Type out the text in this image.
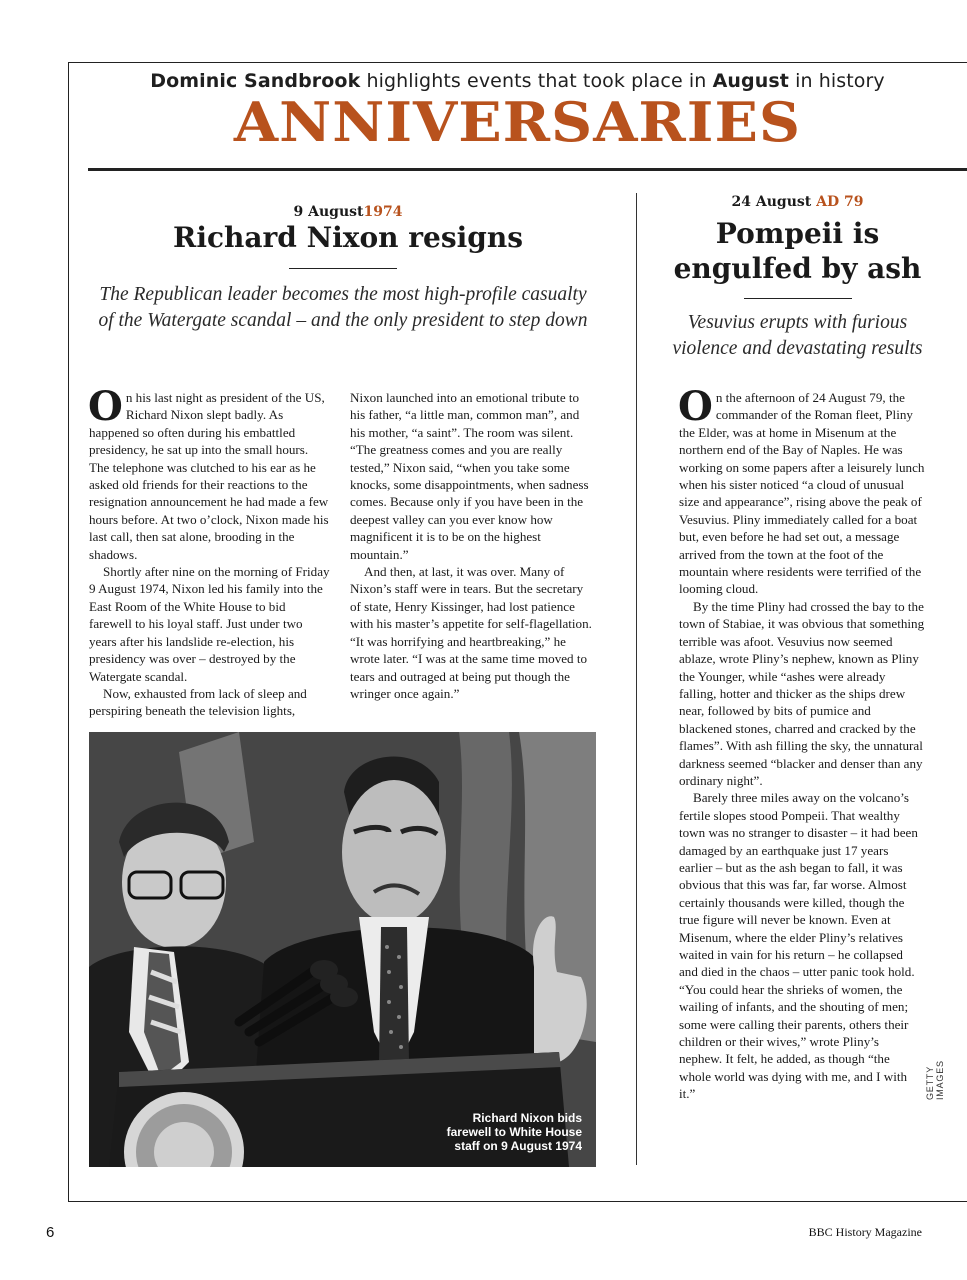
Dominic Sandbrook highlights events that took place in August in history
ANNIVERSARIES
9 August1974
Richard Nixon resigns
The Republican leader becomes the most high-profile casualty
of the Watergate scandal – and the only president to step down

On his last night as president of the US, Richard Nixon slept badly. As happened so often during his embattled presidency, he sat up into the small hours. The telephone was clutched to his ear as he asked old friends for their reactions to the resignation announcement he had made a few hours before. At two o’clock, Nixon made his last call, then sat alone, brooding in the shadows.

Shortly after nine on the morning of Friday 9 August 1974, Nixon led his family into the East Room of the White House to bid farewell to his loyal staff. Just under two years after his landslide re-election, his presidency was over – destroyed by the Watergate scandal.

Now, exhausted from lack of sleep and perspiring beneath the television lights,

Nixon launched into an emotional tribute to his father, “a little man, common man”, and his mother, “a saint”. The room was silent. “The greatness comes and you are really tested,” Nixon said, “when you take some knocks, some disappointments, when sadness comes. Because only if you have been in the deepest valley can you ever know how magnificent it is to be on the highest mountain.”

And then, at last, it was over. Many of Nixon’s staff were in tears. But the secretary of state, Henry Kissinger, had lost patience with his master’s appetite for self-flagellation. “It was horrifying and heartbreaking,” he wrote later. “I was at the same time moved to tears and outraged at being put though the wringer once again.”

Richard Nixon bids
farewell to White House
staff on 9 August 1974
24 August AD 79
Pompeii is
engulfed by ash
Vesuvius erupts with furious
violence and devastating results

On the afternoon of 24 August 79, the commander of the Roman fleet, Pliny the Elder, was at home in Misenum at the northern end of the Bay of Naples. He was working on some papers after a leisurely lunch when his sister noticed “a cloud of unusual size and appearance”, rising above the peak of Vesuvius. Pliny immediately called for a boat but, even before he had set out, a message arrived from the town at the foot of the mountain where residents were terrified of the looming cloud.

By the time Pliny had crossed the bay to the town of Stabiae, it was obvious that something terrible was afoot. Vesuvius now seemed ablaze, wrote Pliny’s nephew, known as Pliny the Younger, while “ashes were already falling, hotter and thicker as the ships drew near, followed by bits of pumice and blackened stones, charred and cracked by the flames”. With ash filling the sky, the unnatural darkness seemed “blacker and denser than any ordinary night”.

Barely three miles away on the volcano’s fertile slopes stood Pompeii. That wealthy town was no stranger to disaster – it had been damaged by an earthquake just 17 years earlier – but as the ash began to fall, it was obvious that this was far, far worse. Almost certainly thousands were killed, though the true figure will never be known. Even at Misenum, where the elder Pliny’s relatives waited in vain for his return – he collapsed and died in the chaos – utter panic took hold. “You could hear the shrieks of women, the wailing of infants, and the shouting of men; some were calling their parents, others their children or their wives,” wrote Pliny’s nephew. It felt, he added, as though “the whole world was dying with me, and I with it.”	GETTY IMAGES
6	BBC History Magazine
